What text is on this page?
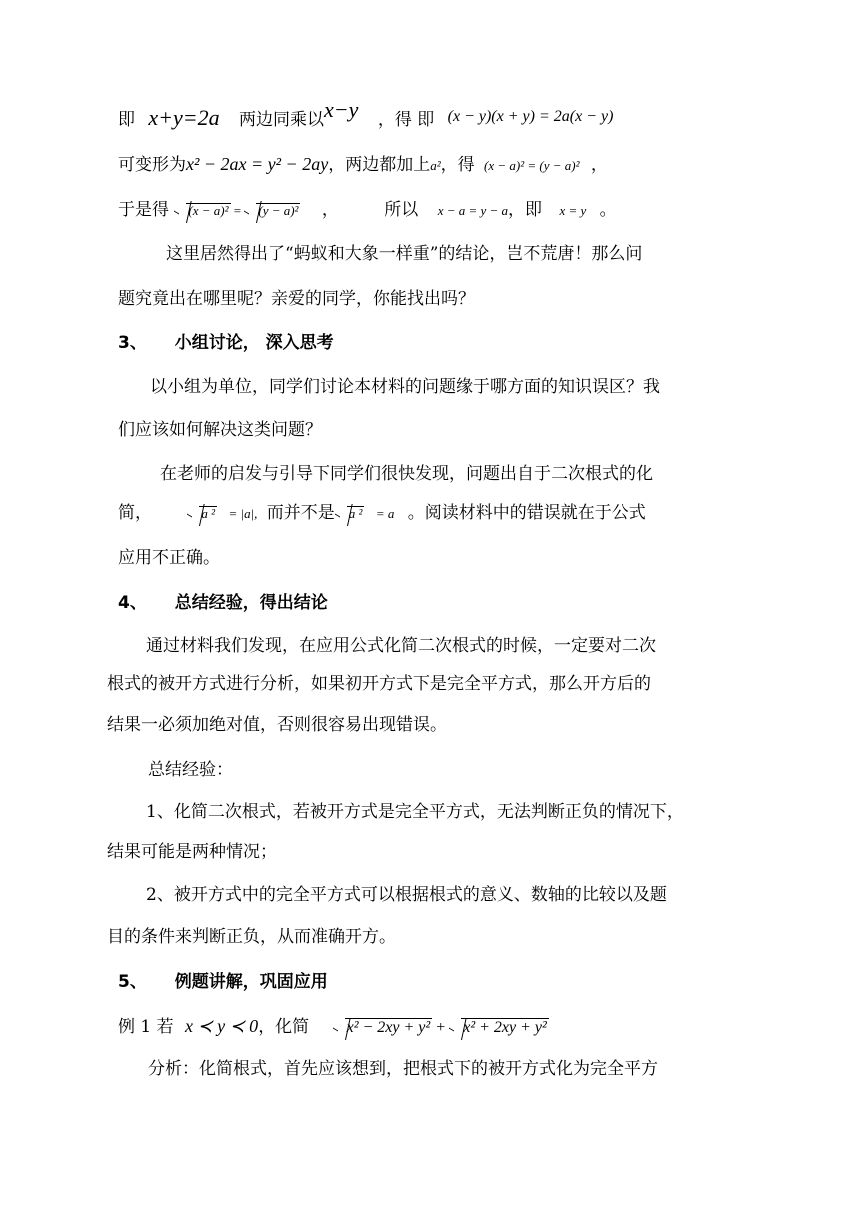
即 x+y=2a 两边同乘以x−y ，得 即 (x − y)(x + y) = 2a(x − y)
可变形为x² − 2ax = y² − 2ay，两边都加上a²，得 (x − a)² = (y − a)² ，
于是得 (x − a)² =
(y − a)² ，	所以 x − a = y − a，即 x = y 。
这里居然得出了“蚂蚁和大象一样重”的结论，岂不荒唐！那么问
题究竟出在哪里呢？亲爱的同学，你能找出吗？
3、 小组讨论， 深入思考
以小组为单位，同学们讨论本材料的问题缘于哪方面的知识误区？我
们应该如何解决这类问题？
在老师的启发与引导下同学们很快发现，问题出自于二次根式的化
简，	a ² = |a|, 而并不是 a ² = a 。阅读材料中的错误就在于公式
应用不正确。
4、 总结经验，得出结论
通过材料我们发现，在应用公式化简二次根式的时候，一定要对二次
根式的被开方式进行分析，如果初开方式下是完全平方式，那么开方后的
结果一必须加绝对值，否则很容易出现错误。
总结经验：
1、化简二次根式，若被开方式是完全平方式，无法判断正负的情况下，
结果可能是两种情况；
2、被开方式中的完全平方式可以根据根式的意义、数轴的比较以及题
目的条件来判断正负，从而准确开方。
5、 例题讲解，巩固应用
例 1 若 x ≺ y ≺ 0，化简 x² − 2xy + y² +
x² + 2xy + y²
分析：化简根式，首先应该想到，把根式下的被开方式化为完全平方
